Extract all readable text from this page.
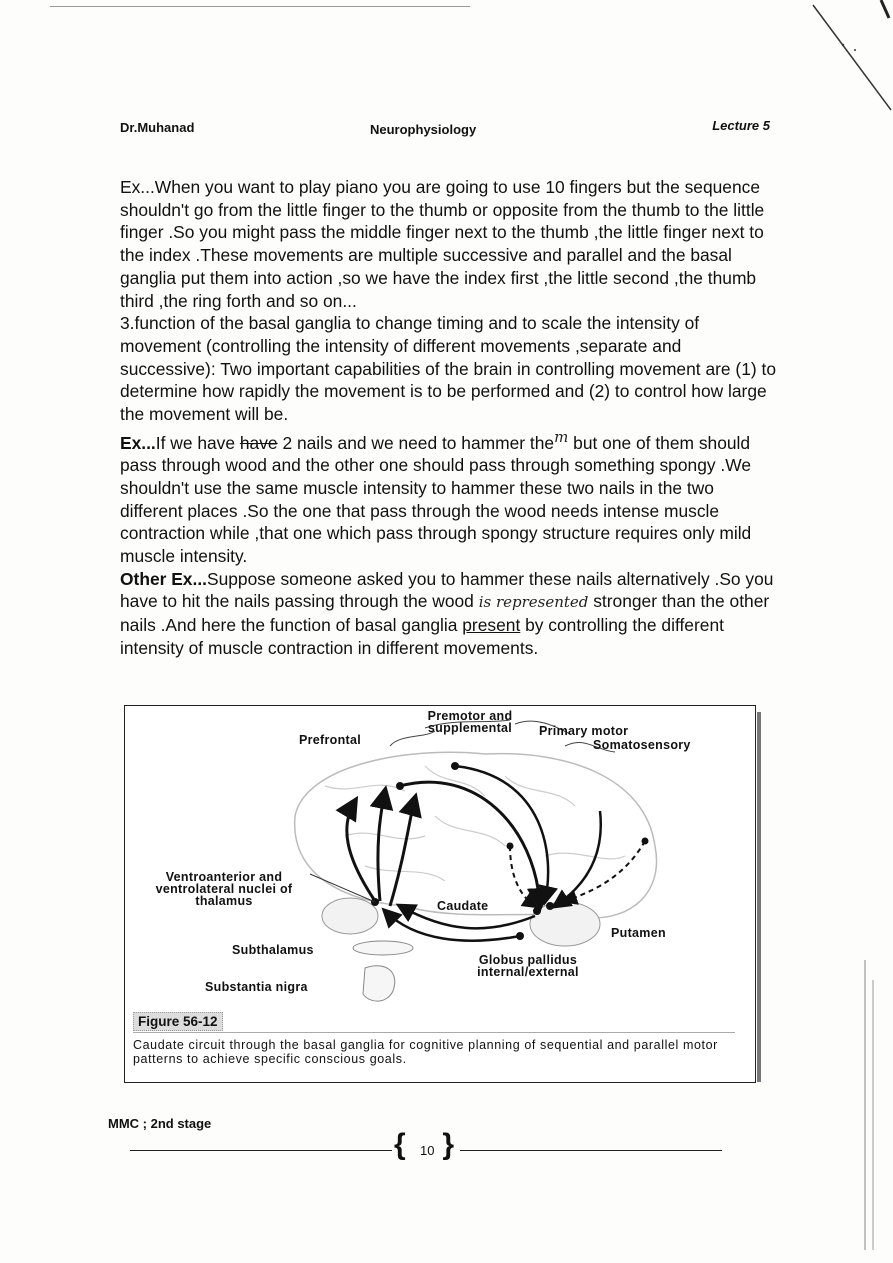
Dr.Muhanad	Neurophysiology	Lecture 5

Ex...When you want to play piano you are going to use 10 fingers but the sequence shouldn't go from the little finger to the thumb or opposite from the thumb to the little finger .So you might pass the middle finger next to the thumb ,the little finger next to the index .These movements are multiple successive and parallel and the basal ganglia put them into action ,so we have the index first ,the little second ,the thumb third ,the ring forth and so on...

3.function of the basal ganglia to change timing and to scale the intensity of movement (controlling the intensity of different movements ,separate and successive): Two important capabilities of the brain in controlling movement are (1) to determine how rapidly the movement is to be performed and (2) to control how large the movement will be.

Ex...If we have have 2 nails and we need to hammer the$^m$ but one of them should pass through wood and the other one should pass through something spongy .We shouldn't use the same muscle intensity to hammer these two nails in the two different places .So the one that pass through the wood needs intense muscle contraction while ,that one which pass through spongy structure requires only mild muscle intensity.

Other Ex...Suppose someone asked you to hammer these nails alternatively .So you have to hit the nails passing through the wood is represented stronger than the other nails .And here the function of basal ganglia present by controlling the different intensity of muscle contraction in different movements.

Premotor and supplemental	Primary motor
Prefrontal	Somatosensory
Ventroanterior and ventrolateral nuclei of thalamus	Caudate
Putamen
Subthalamus
Globus pallidus internal/external
Substantia nigra
Figure 56-12
Caudate circuit through the basal ganglia for cognitive planning of sequential and parallel motor patterns to achieve specific conscious goals.
MMC ; 2nd stage
{ 10 }
